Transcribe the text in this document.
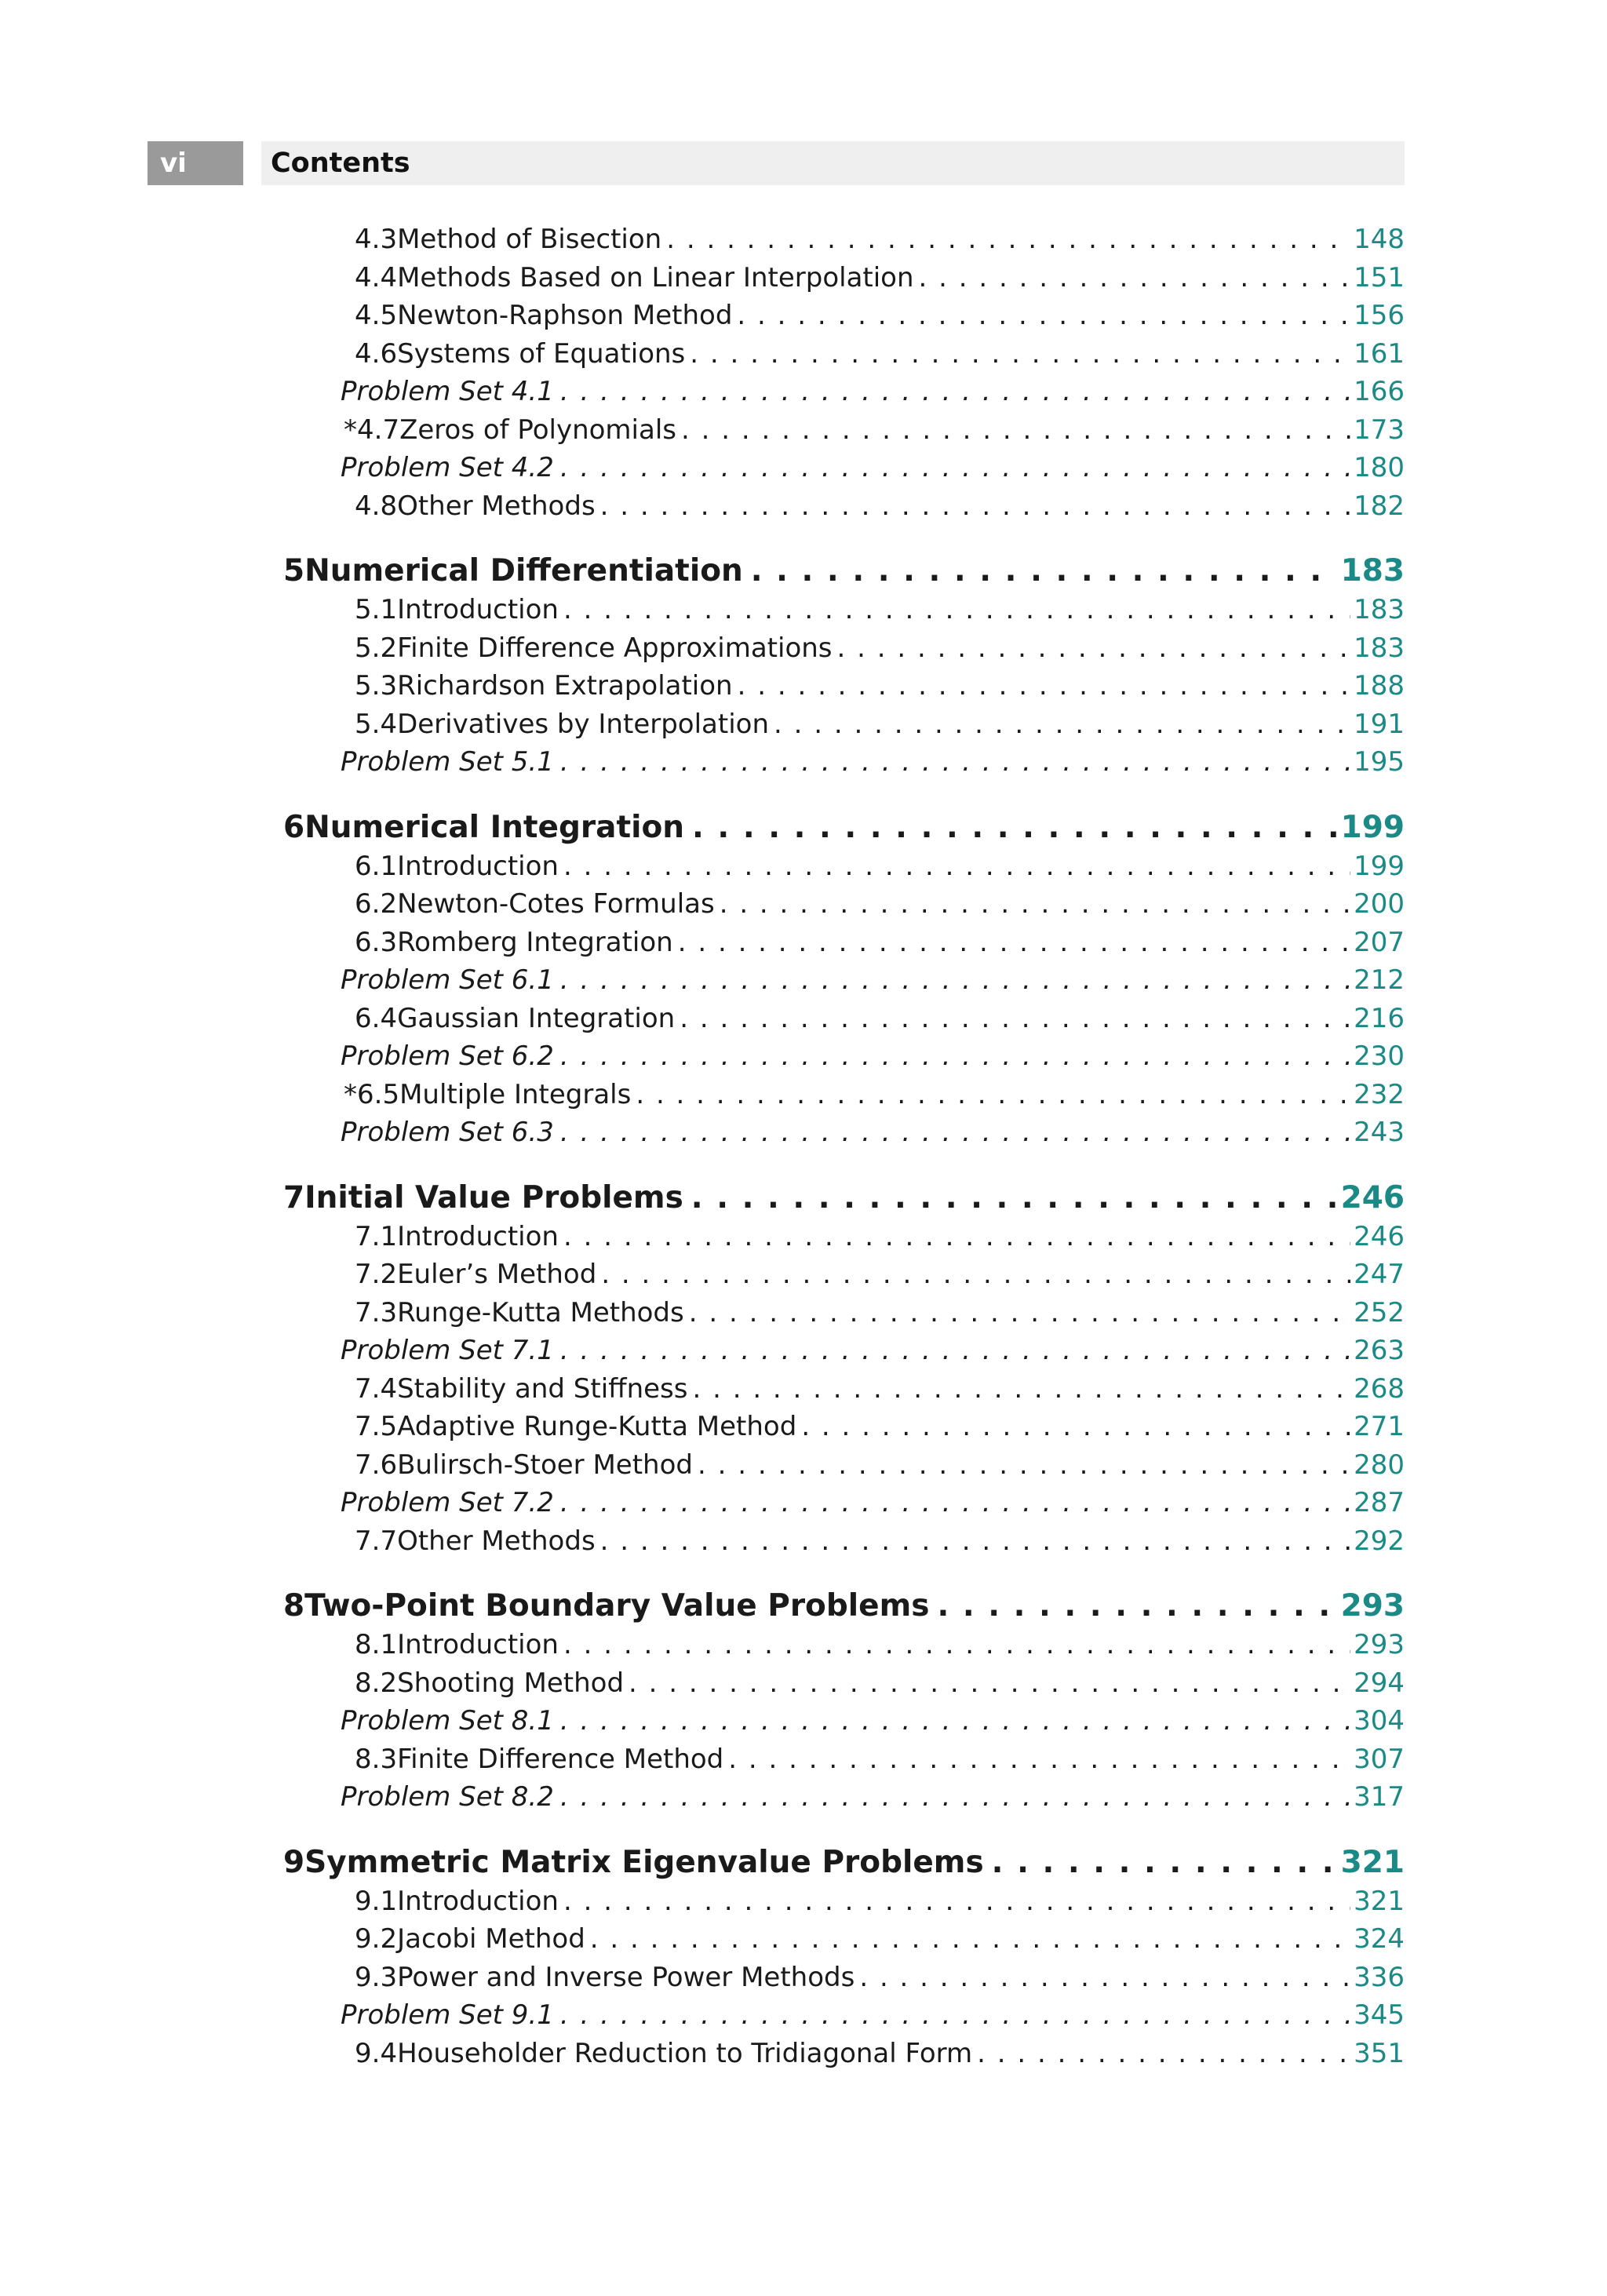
vi	Contents
4.3 Method of Bisection . . .	148
4.4 Methods Based on Linear Interpolation . . .	151
4.5 Newton-Raphson Method . . .	156
4.6 Systems of Equations . . .	161
Problem Set 4.1 . . .	166
*4.7 Zeros of Polynomials . . .	173
Problem Set 4.2 . . .	180
4.8 Other Methods . . .	182
5 Numerical Differentiation . . .	183
5.1 Introduction . . .	183
5.2 Finite Difference Approximations . . .	183
5.3 Richardson Extrapolation . . .	188
5.4 Derivatives by Interpolation . . .	191
Problem Set 5.1 . . .	195
6 Numerical Integration . . .	199
6.1 Introduction . . .	199
6.2 Newton-Cotes Formulas . . .	200
6.3 Romberg Integration . . .	207
Problem Set 6.1 . . .	212
6.4 Gaussian Integration . . .	216
Problem Set 6.2 . . .	230
*6.5 Multiple Integrals . . .	232
Problem Set 6.3 . . .	243
7 Initial Value Problems . . .	246
7.1 Introduction . . .	246
7.2 Euler’s Method . . .	247
7.3 Runge-Kutta Methods . . .	252
Problem Set 7.1 . . .	263
7.4 Stability and Stiffness . . .	268
7.5 Adaptive Runge-Kutta Method . . .	271
7.6 Bulirsch-Stoer Method . . .	280
Problem Set 7.2 . . .	287
7.7 Other Methods . . .	292
8 Two-Point Boundary Value Problems . . .	293
8.1 Introduction . . .	293
8.2 Shooting Method . . .	294
Problem Set 8.1 . . .	304
8.3 Finite Difference Method . . .	307
Problem Set 8.2 . . .	317
9 Symmetric Matrix Eigenvalue Problems . . .	321
9.1 Introduction . . .	321
9.2 Jacobi Method . . .	324
9.3 Power and Inverse Power Methods . . .	336
Problem Set 9.1 . . .	345
9.4 Householder Reduction to Tridiagonal Form . . .	351
